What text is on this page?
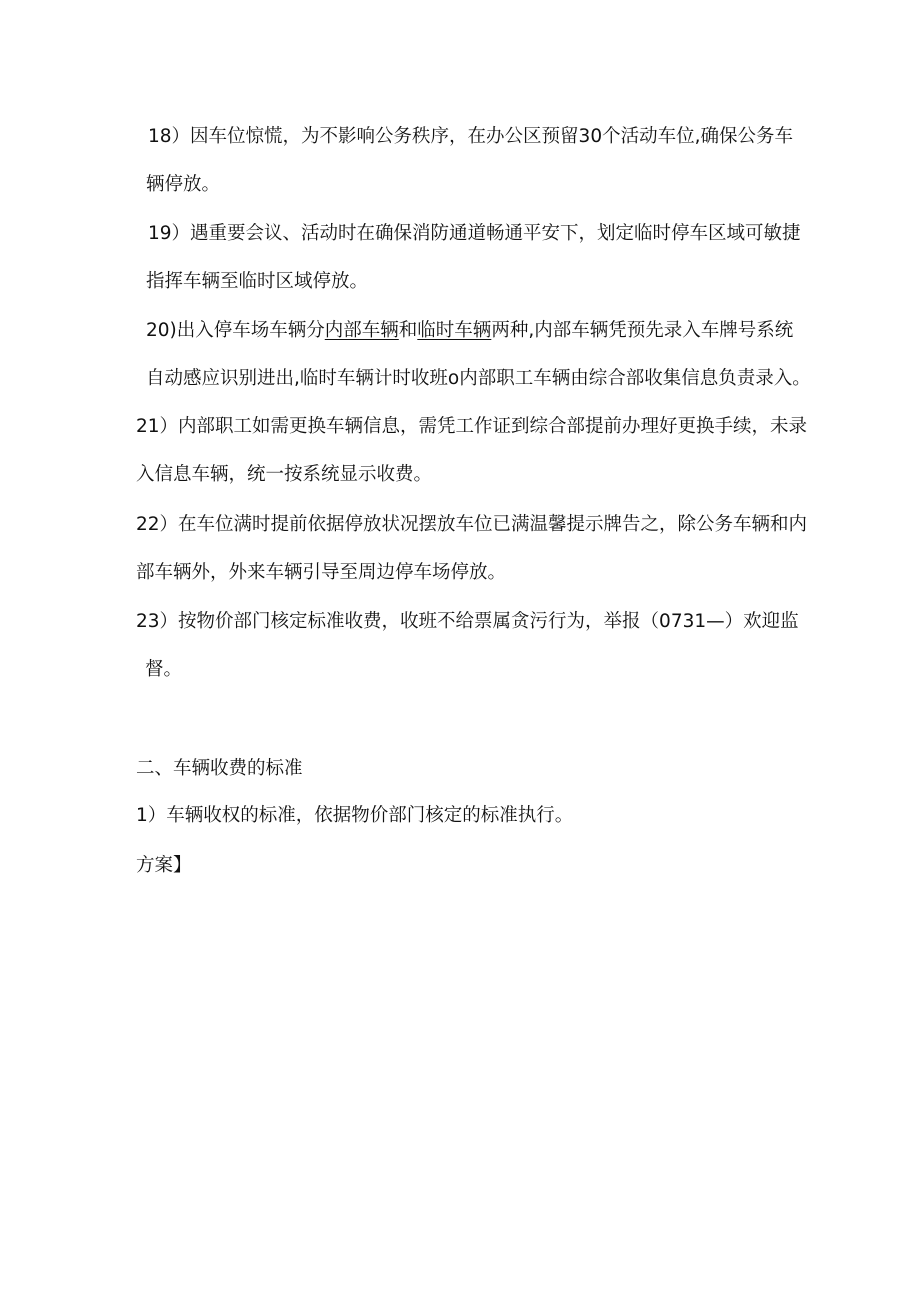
18）因车位惊慌，为不影响公务秩序，在办公区预留30个活动车位,确保公务车
辆停放。
19）遇重要会议、活动时在确保消防通道畅通平安下，划定临时停车区域可敏捷
指挥车辆至临时区域停放。
20)出入停车场车辆分内部车辆和临时车辆两种,内部车辆凭预先录入车牌号系统
自动感应识别进出,临时车辆计时收班o内部职工车辆由综合部收集信息负责录入。
21）内部职工如需更换车辆信息，需凭工作证到综合部提前办理好更换手续，未录
入信息车辆，统一按系统显示收费。
22）在车位满时提前依据停放状况摆放车位已满温馨提示牌告之，除公务车辆和内
部车辆外，外来车辆引导至周边停车场停放。
23）按物价部门核定标准收费，收班不给票属贪污行为，举报（0731—）欢迎监
督。
二、车辆收费的标准
1）车辆收权的标准，依据物价部门核定的标准执行。
方案】
